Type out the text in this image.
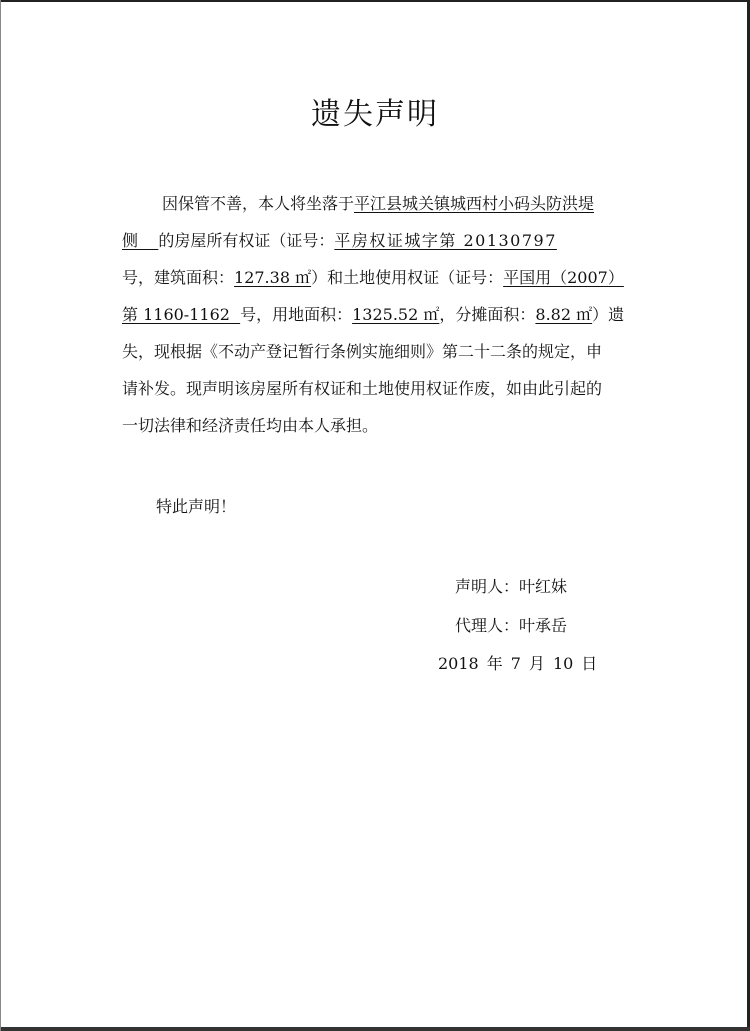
遗失声明
因保管不善，本人将坐落于平江县城关镇城西村小码头防洪堤
侧 的房屋所有权证（证号：平房权证城字第 20130797
号，建筑面积：127.38 ㎡）和土地使用权证（证号：平国用（2007）
第 1160-1162 号，用地面积：1325.52 ㎡，分摊面积：8.82 ㎡）遗
失，现根据《不动产登记暂行条例实施细则》第二十二条的规定，申
请补发。现声明该房屋所有权证和土地使用权证作废，如由此引起的
一切法律和经济责任均由本人承担。
特此声明！
声明人：叶红妹
代理人：叶承岳
2018 年 7 月 10 日
